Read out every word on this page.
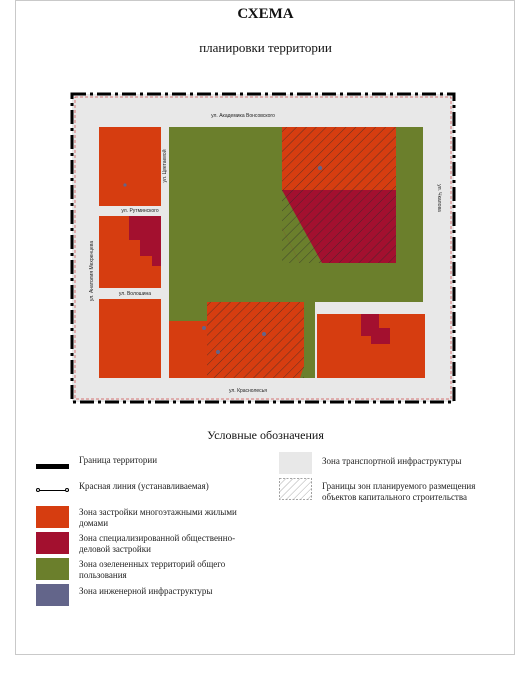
СХЕМА
планировки территории
ул. Академика Вонсовского
ул. Краснолесья
ул. Анатолия Мехренцева
ул. Чкалова
ул. Рутминского
ул. Волошина
ул. Цветаевой
Условные обозначения
Граница территории
Красная линия (устанавливаемая)
Зона застройки многоэтажными жилыми домами
Зона специализированной общественно-деловой застройки
Зона озелененных территорий общего пользования
Зона инженерной инфраструктуры
Зона транспортной инфраструктуры
Границы зон планируемого размещения объектов капитального строительства
